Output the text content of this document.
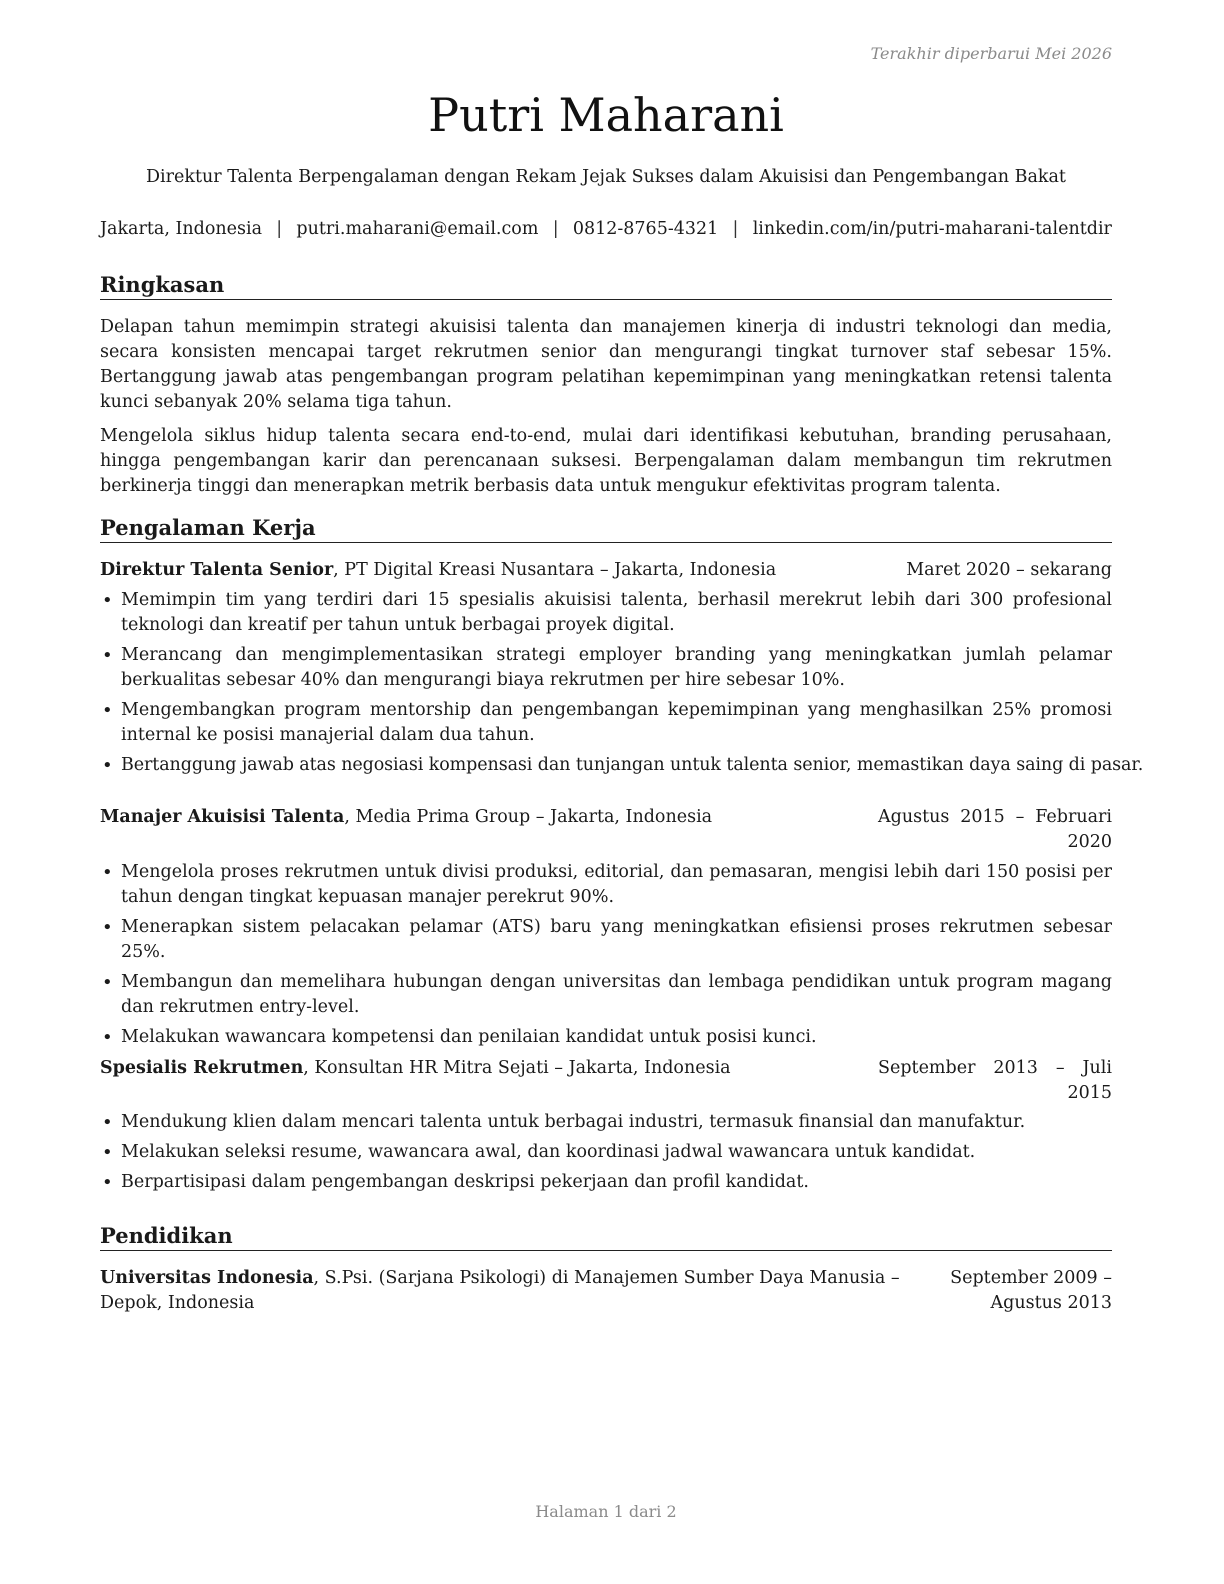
Terakhir diperbarui Mei 2026
Putri Maharani
Direktur Talenta Berpengalaman dengan Rekam Jejak Sukses dalam Akuisisi dan Pengembangan Bakat
Jakarta, Indonesia | putri.maharani@email.com | 0812-8765-4321 | linkedin.com/in/putri-maharani-talentdir
Ringkasan

Delapan tahun memimpin strategi akuisisi talenta dan manajemen kinerja di industri teknologi dan media, secara konsisten mencapai target rekrutmen senior dan mengurangi tingkat turnover staf sebesar 15%. Bertanggung jawab atas pengembangan program pelatihan kepemimpinan yang meningkatkan retensi talenta kunci sebanyak 20% selama tiga tahun.

Mengelola siklus hidup talenta secara end-to-end, mulai dari identifikasi kebutuhan, branding perusahaan, hingga pengembangan karir dan perencanaan suksesi. Berpengalaman dalam membangun tim rekrutmen berkinerja tinggi dan menerapkan metrik berbasis data untuk mengukur efektivitas program talenta.

Pengalaman Kerja
Direktur Talenta Senior, PT Digital Kreasi Nusantara – Jakarta, Indonesia	Maret 2020 – sekarang
• Memimpin tim yang terdiri dari 15 spesialis akuisisi talenta, berhasil merekrut lebih dari 300 profesional teknologi dan kreatif per tahun untuk berbagai proyek digital.
• Merancang dan mengimplementasikan strategi employer branding yang meningkatkan jumlah pelamar berkualitas sebesar 40% dan mengurangi biaya rekrutmen per hire sebesar 10%.
• Mengembangkan program mentorship dan pengembangan kepemimpinan yang menghasilkan 25% promosi internal ke posisi manajerial dalam dua tahun.
• Bertanggung jawab atas negosiasi kompensasi dan tunjangan untuk talenta senior, memastikan daya saing di pasar.
Manajer Akuisisi Talenta, Media Prima Group – Jakarta, Indonesia	Agustus 2015 – Februari 2020
• Mengelola proses rekrutmen untuk divisi produksi, editorial, dan pemasaran, mengisi lebih dari 150 posisi per tahun dengan tingkat kepuasan manajer perekrut 90%.
• Menerapkan sistem pelacakan pelamar (ATS) baru yang meningkatkan efisiensi proses rekrutmen sebesar 25%.
• Membangun dan memelihara hubungan dengan universitas dan lembaga pendidikan untuk program magang dan rekrutmen entry-level.
• Melakukan wawancara kompetensi dan penilaian kandidat untuk posisi kunci.
Spesialis Rekrutmen, Konsultan HR Mitra Sejati – Jakarta, Indonesia	September 2013 – Juli 2015
• Mendukung klien dalam mencari talenta untuk berbagai industri, termasuk finansial dan manufaktur.
• Melakukan seleksi resume, wawancara awal, dan koordinasi jadwal wawancara untuk kandidat.
• Berpartisipasi dalam pengembangan deskripsi pekerjaan dan profil kandidat.
Pendidikan
Universitas Indonesia, S.Psi. (Sarjana Psikologi) di Manajemen Sumber Daya Manusia –
Depok, Indonesia
September 2009 – Agustus 2013
Halaman 1 dari 2
